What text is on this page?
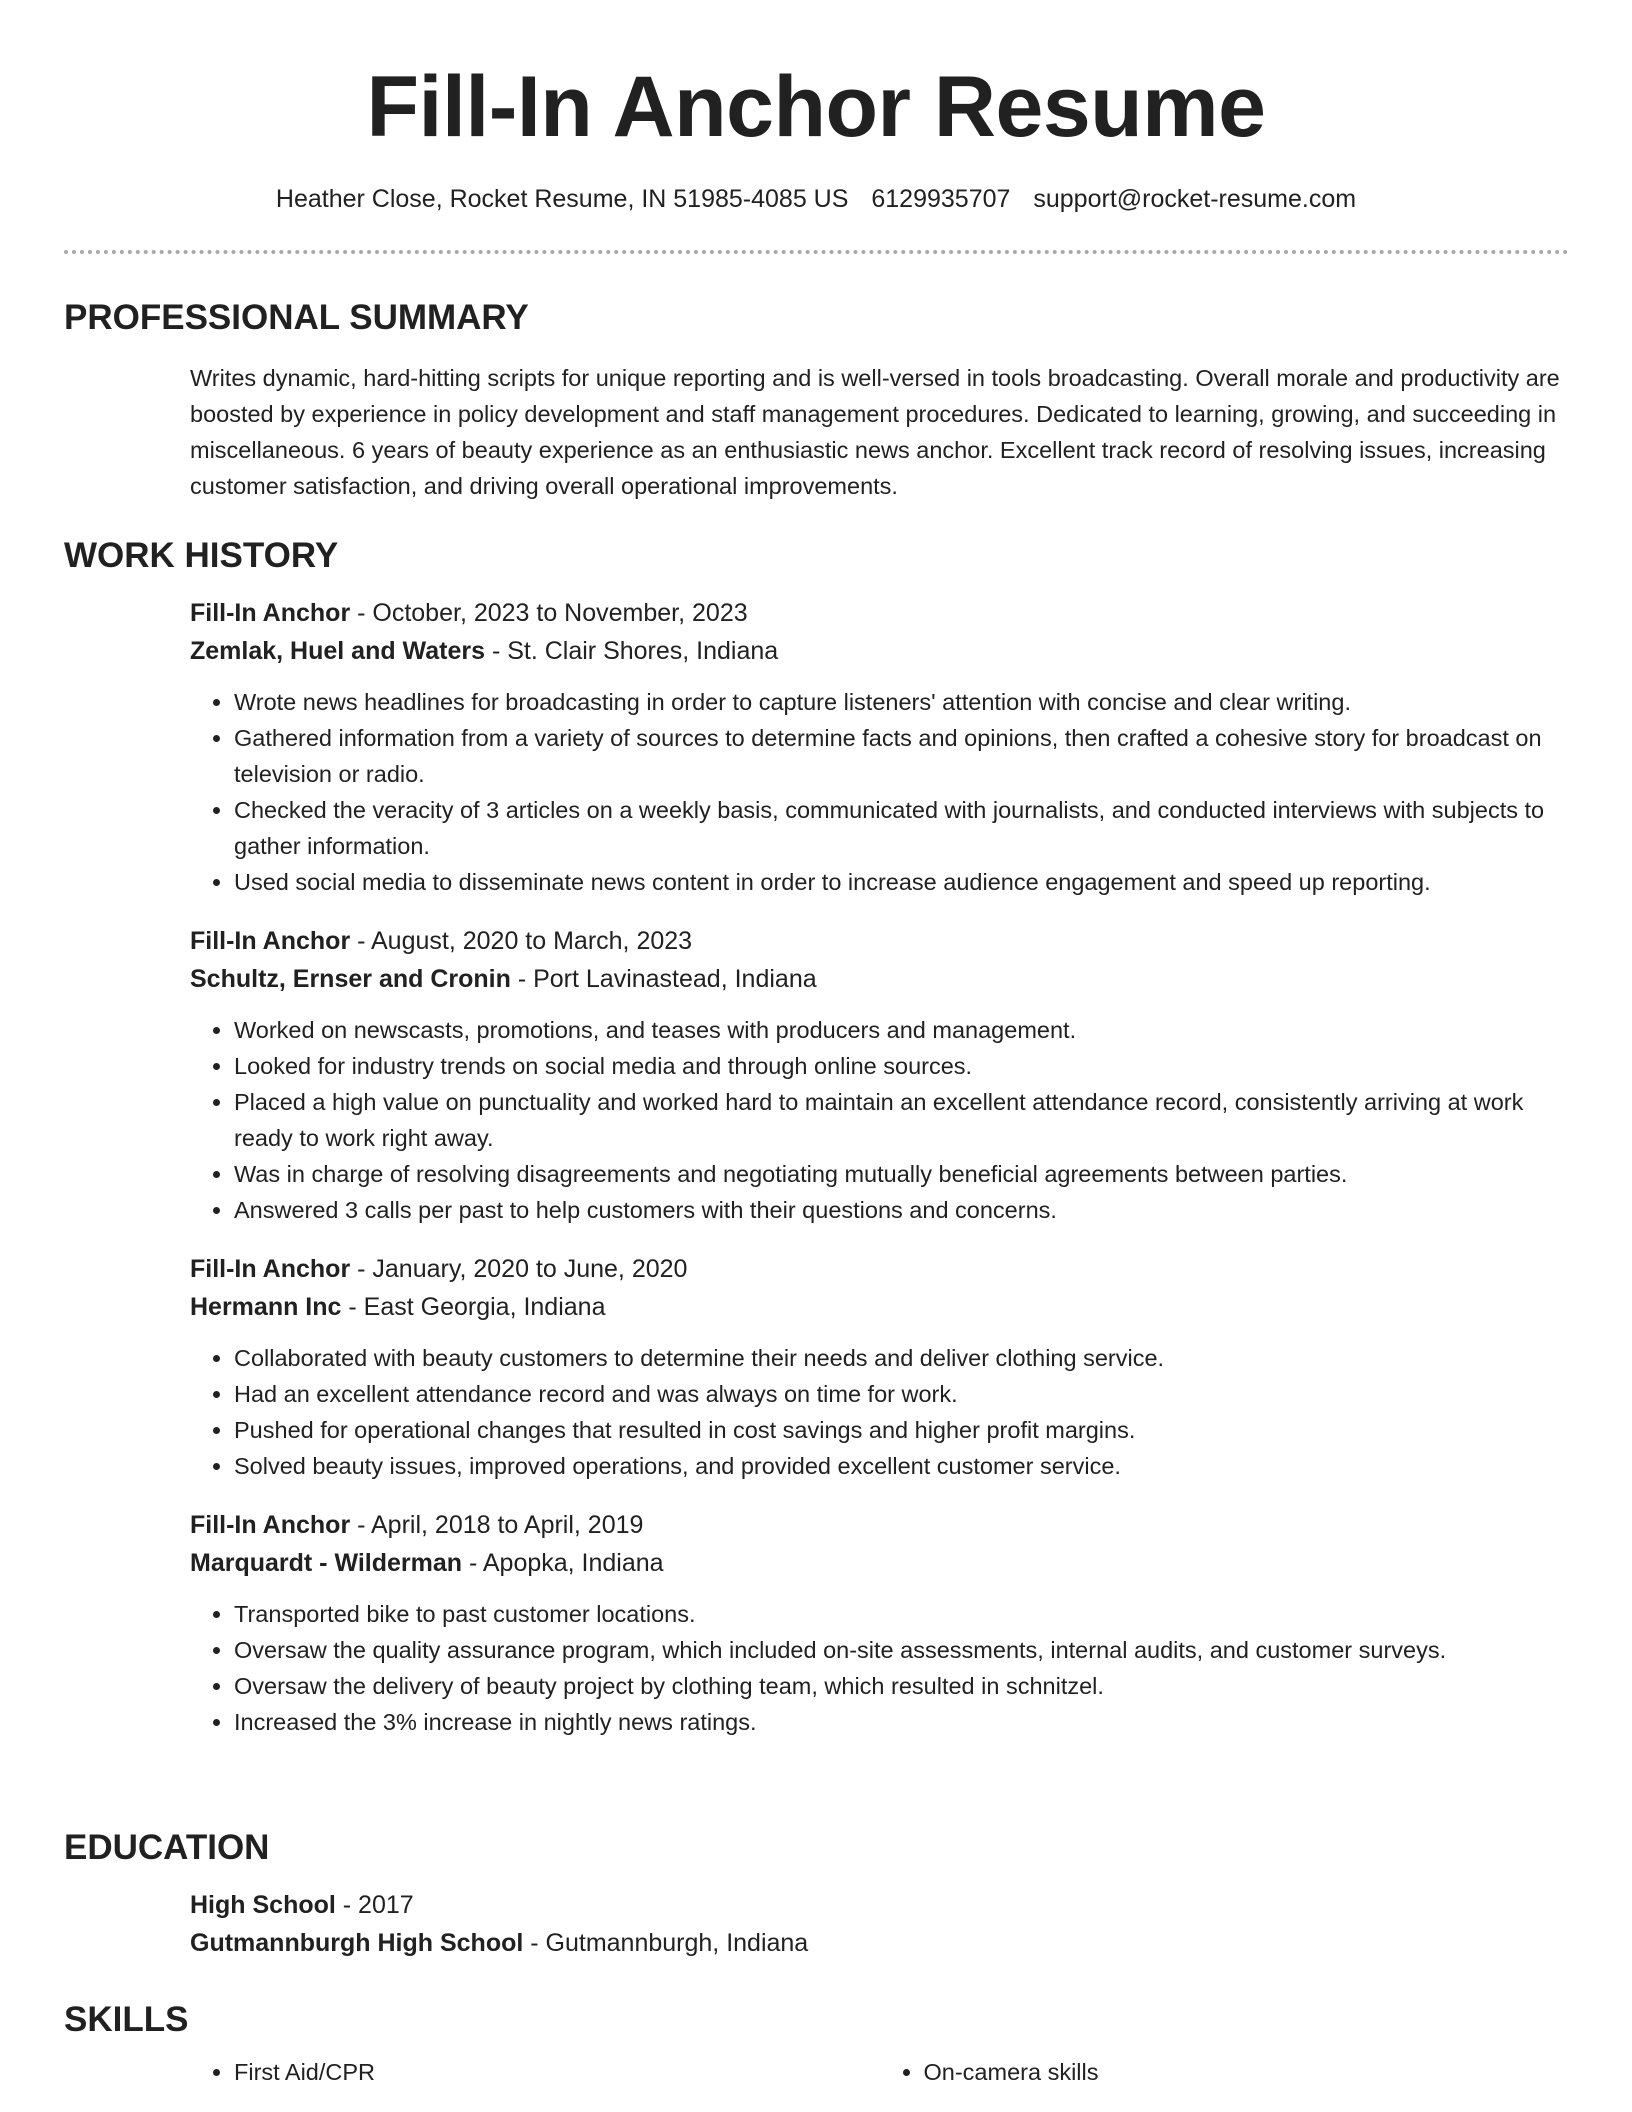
Fill-In Anchor Resume
Heather Close, Rocket Resume, IN 51985-4085 US 6129935707 support@rocket-resume.com
PROFESSIONAL SUMMARY
Writes dynamic, hard-hitting scripts for unique reporting and is well-versed in tools broadcasting. Overall morale and productivity are boosted by experience in policy development and staff management procedures. Dedicated to learning, growing, and succeeding in miscellaneous. 6 years of beauty experience as an enthusiastic news anchor. Excellent track record of resolving issues, increasing customer satisfaction, and driving overall operational improvements.
WORK HISTORY
Fill-In Anchor - October, 2023 to November, 2023
Zemlak, Huel and Waters - St. Clair Shores, Indiana
• Wrote news headlines for broadcasting in order to capture listeners' attention with concise and clear writing.
• Gathered information from a variety of sources to determine facts and opinions, then crafted a cohesive story for broadcast on television or radio.
• Checked the veracity of 3 articles on a weekly basis, communicated with journalists, and conducted interviews with subjects to gather information.
• Used social media to disseminate news content in order to increase audience engagement and speed up reporting.
Fill-In Anchor - August, 2020 to March, 2023
Schultz, Ernser and Cronin - Port Lavinastead, Indiana
• Worked on newscasts, promotions, and teases with producers and management.
• Looked for industry trends on social media and through online sources.
• Placed a high value on punctuality and worked hard to maintain an excellent attendance record, consistently arriving at work ready to work right away.
• Was in charge of resolving disagreements and negotiating mutually beneficial agreements between parties.
• Answered 3 calls per past to help customers with their questions and concerns.
Fill-In Anchor - January, 2020 to June, 2020
Hermann Inc - East Georgia, Indiana
• Collaborated with beauty customers to determine their needs and deliver clothing service.
• Had an excellent attendance record and was always on time for work.
• Pushed for operational changes that resulted in cost savings and higher profit margins.
• Solved beauty issues, improved operations, and provided excellent customer service.
Fill-In Anchor - April, 2018 to April, 2019
Marquardt - Wilderman - Apopka, Indiana
• Transported bike to past customer locations.
• Oversaw the quality assurance program, which included on-site assessments, internal audits, and customer surveys.
• Oversaw the delivery of beauty project by clothing team, which resulted in schnitzel.
• Increased the 3% increase in nightly news ratings.
EDUCATION
High School - 2017
Gutmannburgh High School - Gutmannburgh, Indiana
SKILLS
• First Aid/CPR
•	On-camera skills
